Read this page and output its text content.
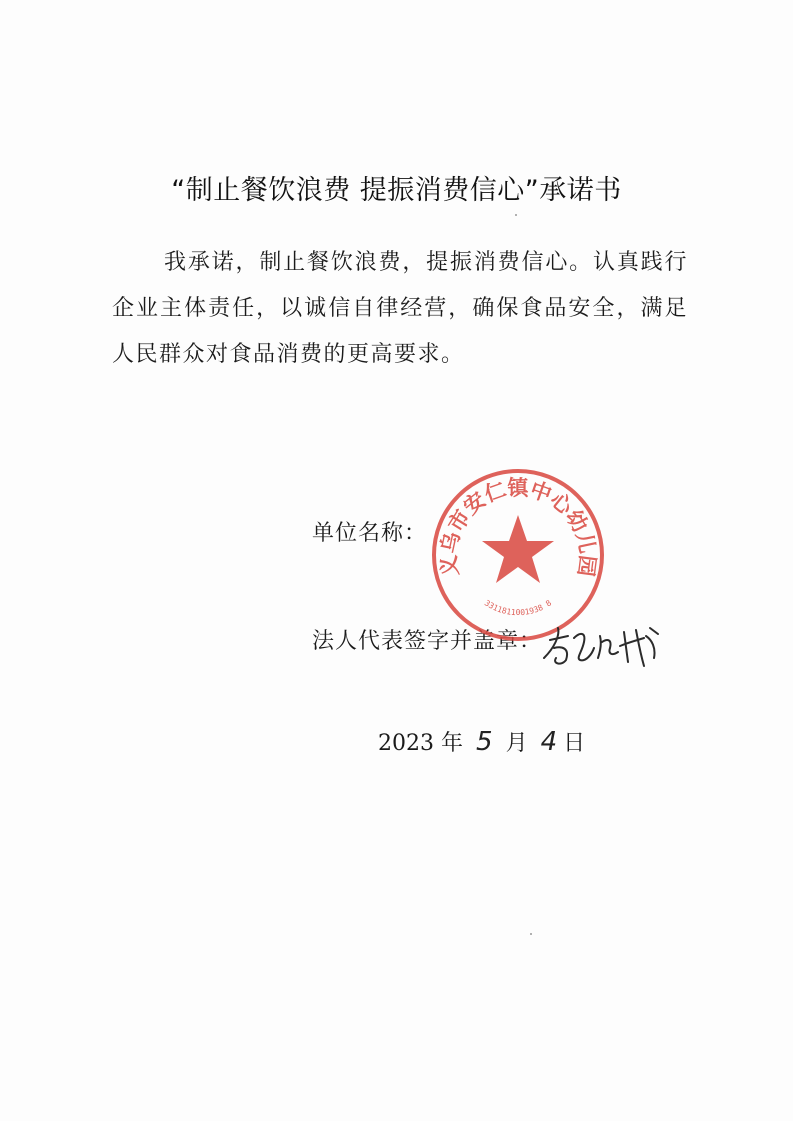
“制止餐饮浪费 提振消费信心”承诺书
我承诺，制止餐饮浪费，提振消费信心。认真践行企业主体责任，以诚信自律经营，确保食品安全，满足人民群众对食品消费的更高要求。
单位名称：
法人代表签字并盖章：
2023 年 5 月 4 日
义乌市安仁镇中心幼儿园
3311811001938 8
